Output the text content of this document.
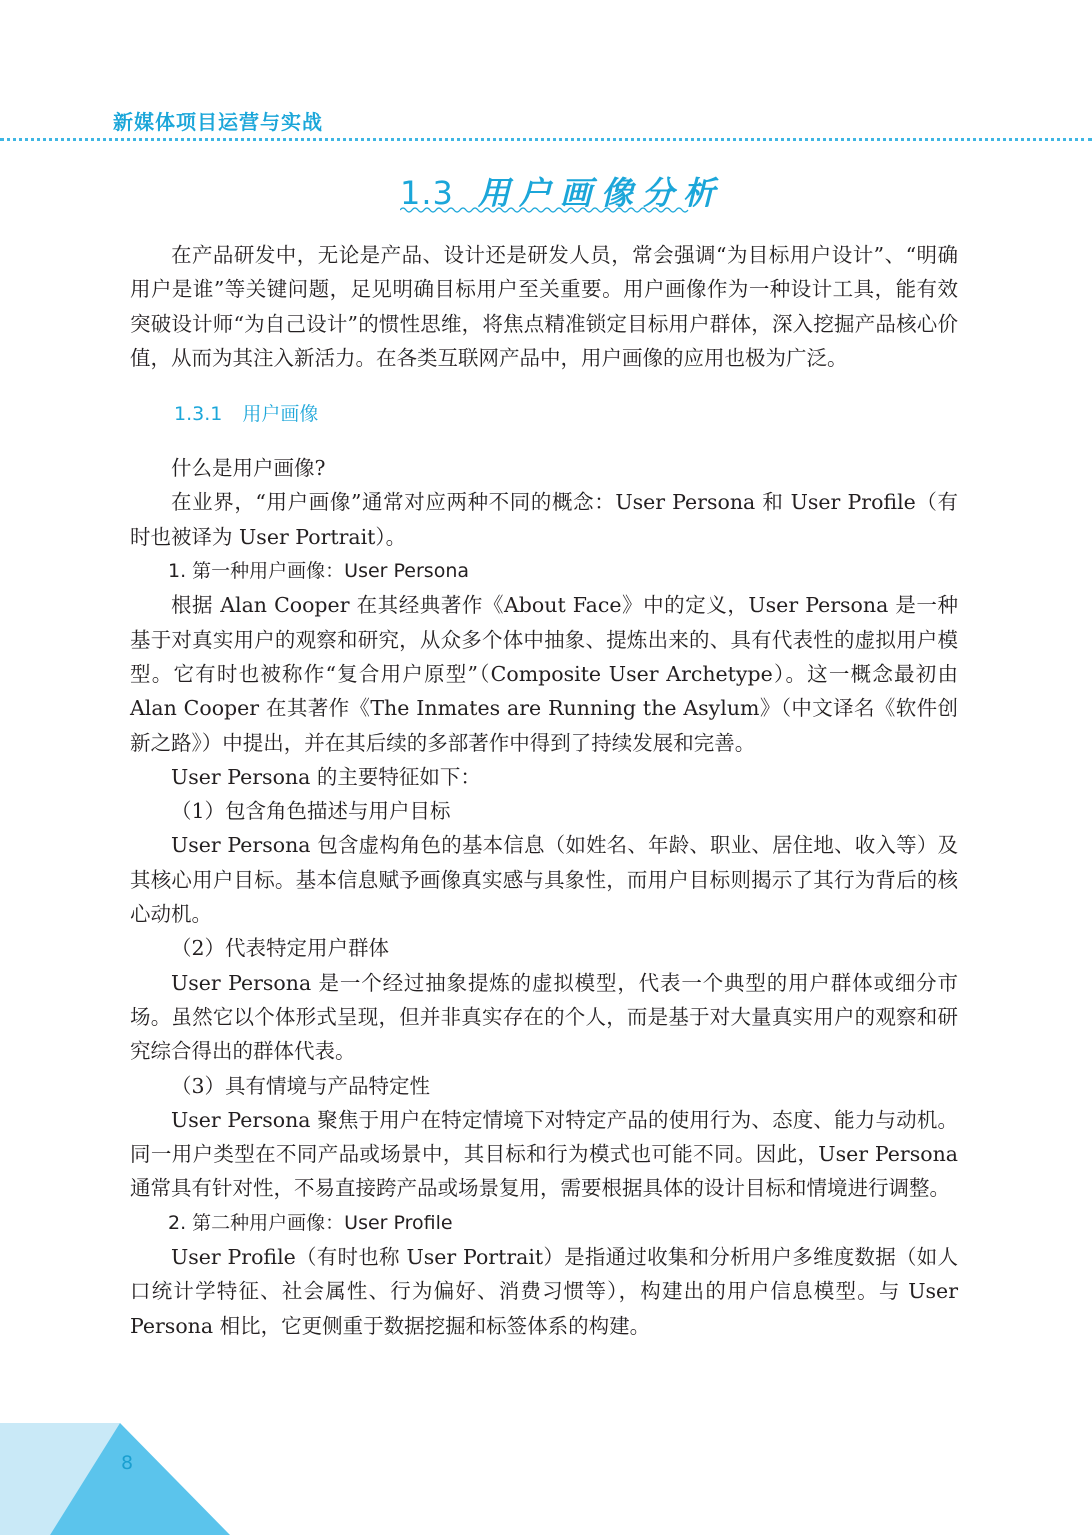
新媒体项目运营与实战
1.3 用户画像分析

在产品研发中，无论是产品、设计还是研发人员，常会强调“为目标用户设计”、“明确用户是谁”等关键问题，足见明确目标用户至关重要。用户画像作为一种设计工具，能有效突破设计师“为自己设计”的惯性思维，将焦点精准锁定目标用户群体，深入挖掘产品核心价值，从而为其注入新活力。在各类互联网产品中，用户画像的应用也极为广泛。

1.3.1 用户画像

什么是用户画像?

在业界，“用户画像”通常对应两种不同的概念：User Persona 和 User Profile（有时也被译为 User Portrait）。

1. 第一种用户画像：User Persona

根据 Alan Cooper 在其经典著作《About Face》中的定义，User Persona 是一种基于对真实用户的观察和研究，从众多个体中抽象、提炼出来的、具有代表性的虚拟用户模型。它有时也被称作“复合用户原型”（Composite User Archetype）。这一概念最初由 Alan Cooper 在其著作《The Inmates are Running the Asylum》（中文译名《软件创新之路》）中提出，并在其后续的多部著作中得到了持续发展和完善。

User Persona 的主要特征如下：

（1）包含角色描述与用户目标

User Persona 包含虚构角色的基本信息（如姓名、年龄、职业、居住地、收入等）及其核心用户目标。基本信息赋予画像真实感与具象性，而用户目标则揭示了其行为背后的核心动机。

（2）代表特定用户群体

User Persona 是一个经过抽象提炼的虚拟模型，代表一个典型的用户群体或细分市场。虽然它以个体形式呈现，但并非真实存在的个人，而是基于对大量真实用户的观察和研究综合得出的群体代表。

（3）具有情境与产品特定性

User Persona 聚焦于用户在特定情境下对特定产品的使用行为、态度、能力与动机。同一用户类型在不同产品或场景中，其目标和行为模式也可能不同。因此，User Persona 通常具有针对性，不易直接跨产品或场景复用，需要根据具体的设计目标和情境进行调整。

2. 第二种用户画像：User Profile

User Profile（有时也称 User Portrait）是指通过收集和分析用户多维度数据（如人口统计学特征、社会属性、行为偏好、消费习惯等），构建出的用户信息模型。与 User Persona 相比，它更侧重于数据挖掘和标签体系的构建。

8
